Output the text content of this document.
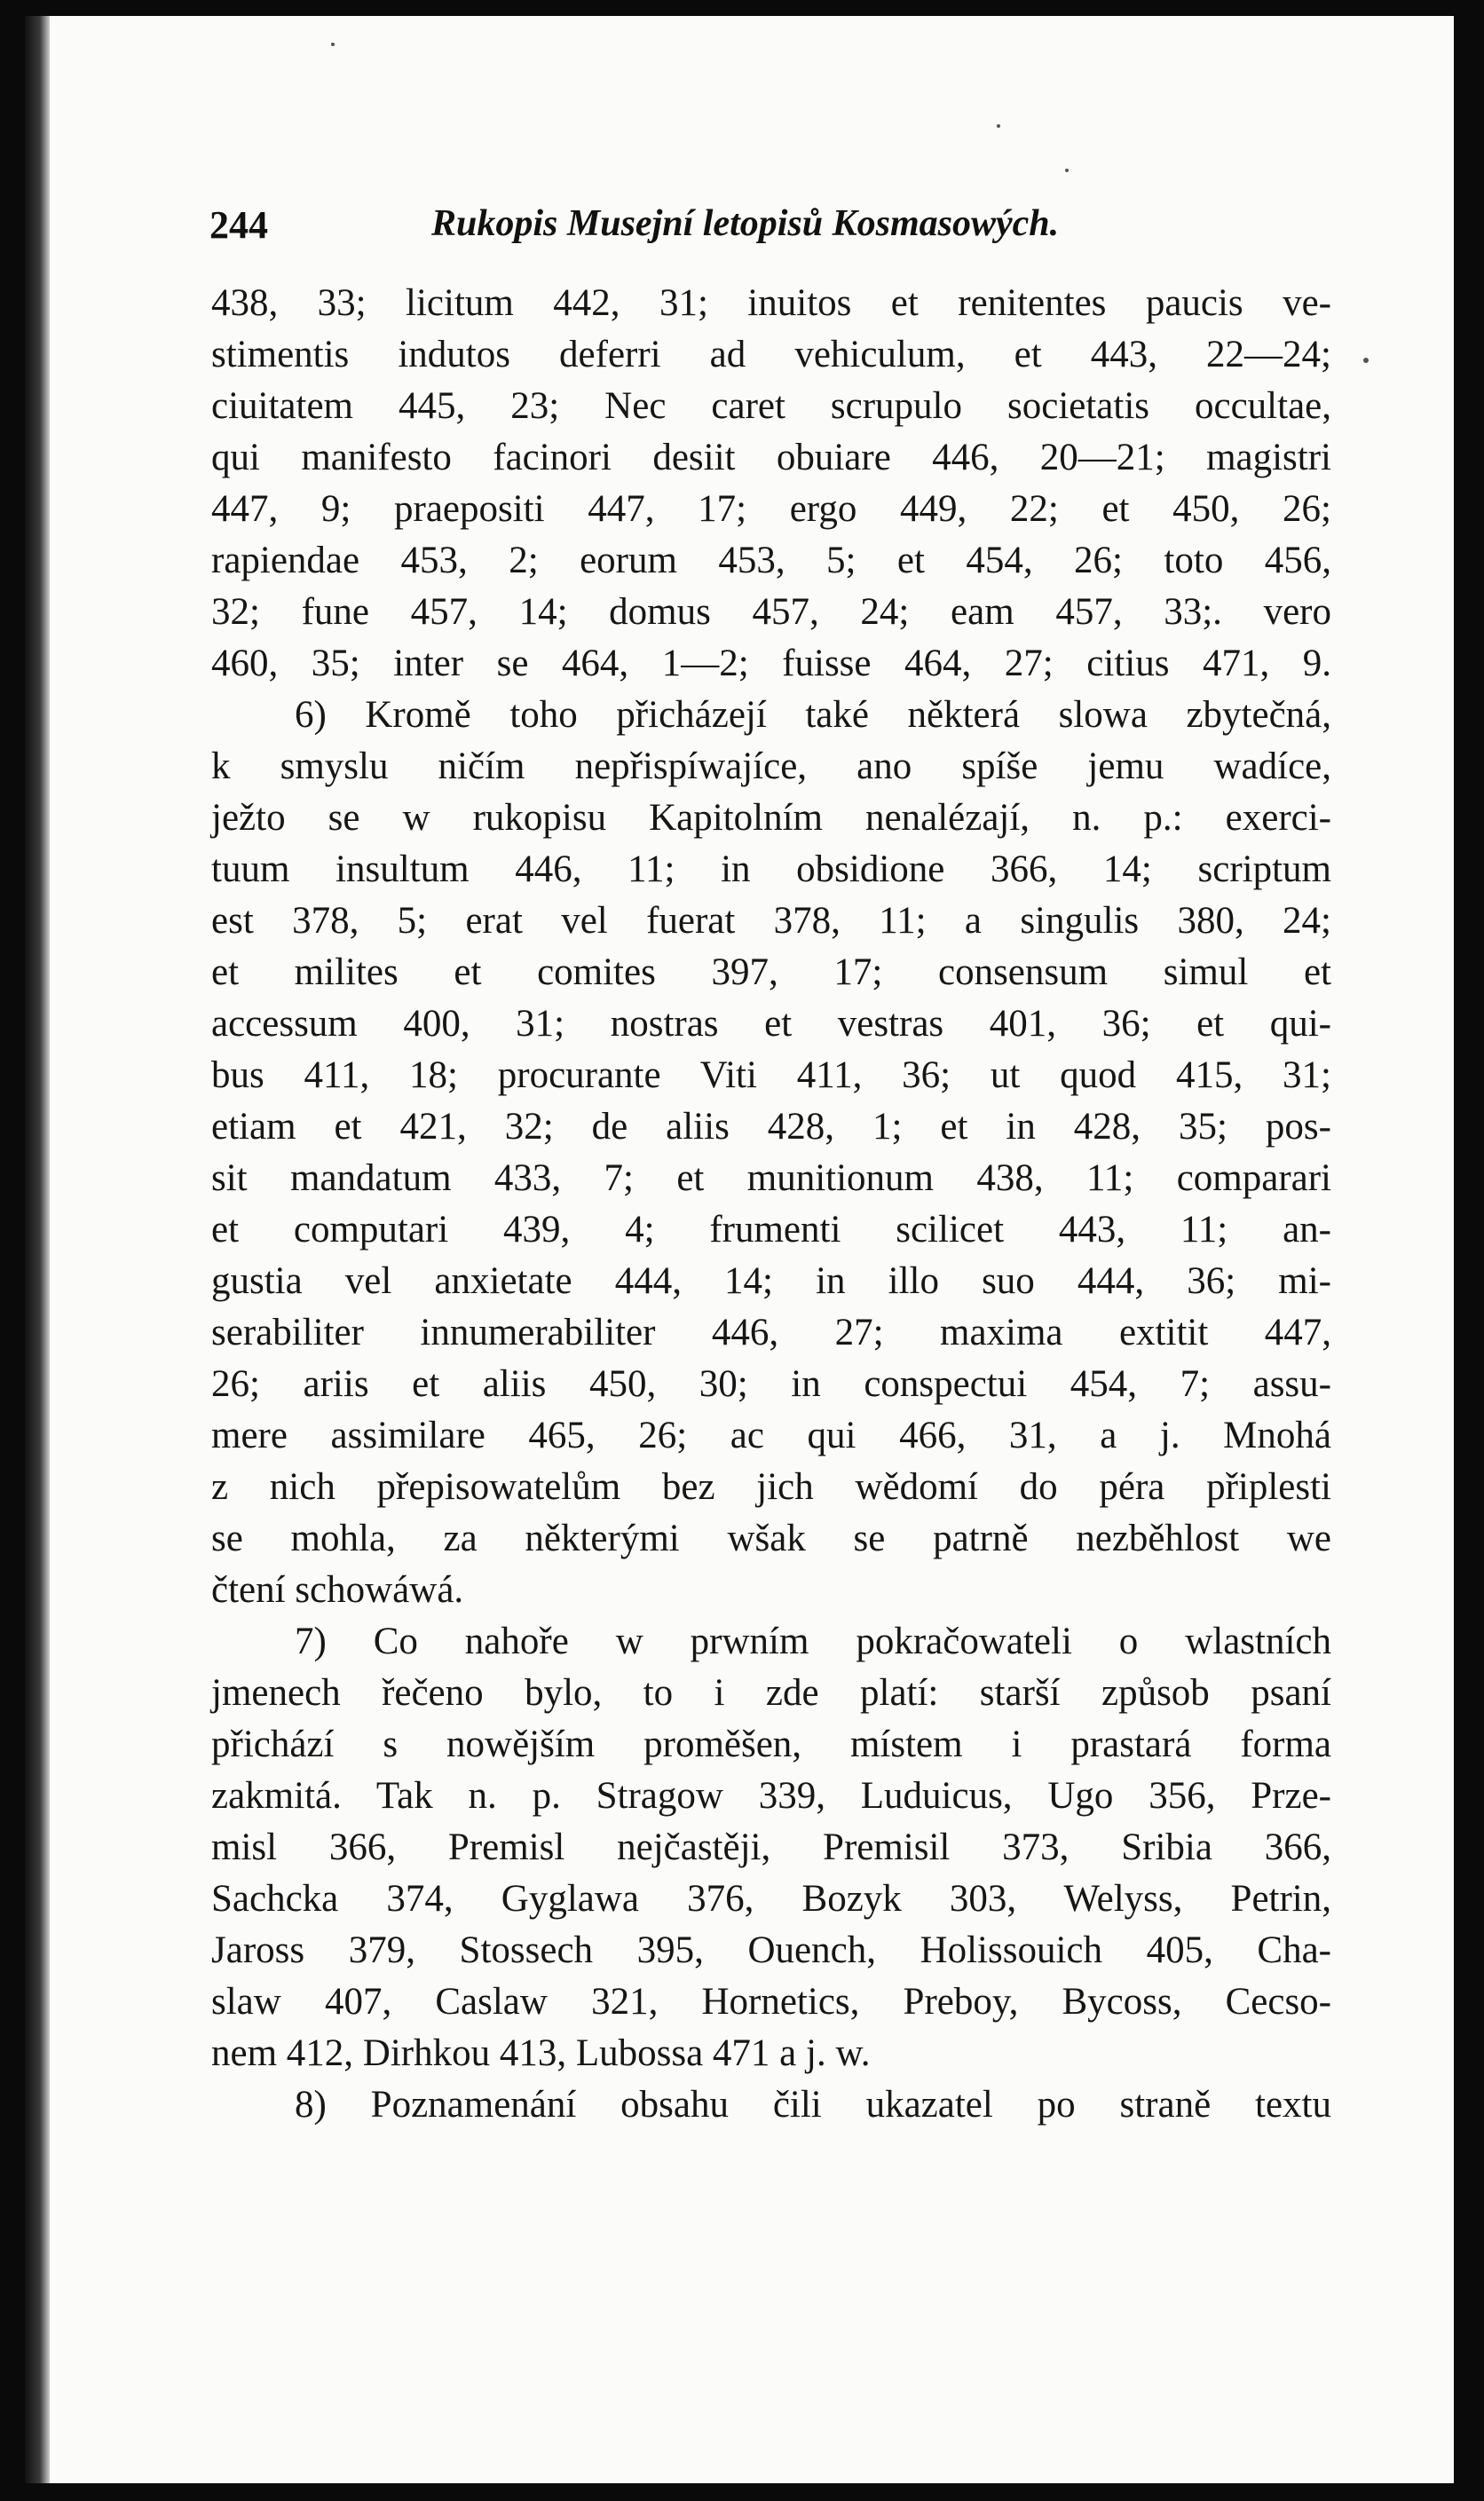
244	Rukopis Musejní letopisů Kosmasowých.
438, 33; licitum 442, 31; inuitos et renitentes paucis ve-
stimentis indutos deferri ad vehiculum, et 443, 22—24;
ciuitatem 445, 23; Nec caret scrupulo societatis occultae,
qui manifesto facinori desiit obuiare 446, 20—21; magistri
447, 9; praepositi 447, 17; ergo 449, 22; et 450, 26;
rapiendae 453, 2; eorum 453, 5; et 454, 26; toto 456,
32; fune 457, 14; domus 457, 24; eam 457, 33;. vero
460, 35; inter se 464, 1—2; fuisse 464, 27; citius 471, 9.
6) Kromě toho přicházejí také některá slowa zbytečná,
k smyslu ničím nepřispíwajíce, ano spíše jemu wadíce,
ježto se w rukopisu Kapitolním nenalézají, n. p.: exerci-
tuum insultum 446, 11; in obsidione 366, 14; scriptum
est 378, 5; erat vel fuerat 378, 11; a singulis 380, 24;
et milites et comites 397, 17; consensum simul et
accessum 400, 31; nostras et vestras 401, 36; et qui-
bus 411, 18; procurante Viti 411, 36; ut quod 415, 31;
etiam et 421, 32; de aliis 428, 1; et in 428, 35; pos-
sit mandatum 433, 7; et munitionum 438, 11; comparari
et computari 439, 4; frumenti scilicet 443, 11; an-
gustia vel anxietate 444, 14; in illo suo 444, 36; mi-
serabiliter innumerabiliter 446, 27; maxima extitit 447,
26; ariis et aliis 450, 30; in conspectui 454, 7; assu-
mere assimilare 465, 26; ac qui 466, 31, a j. Mnohá
z nich přepisowatelům bez jich wědomí do péra připlesti
se mohla, za některými wšak se patrně nezběhlost we
čtení schowáwá.
7) Co nahoře w prwním pokračowateli o wlastních
jmenech řečeno bylo, to i zde platí: starší způsob psaní
přichází s nowějším proměšen, místem i prastará forma
zakmitá. Tak n. p. Stragow 339, Luduicus, Ugo 356, Prze-
misl 366, Premisl nejčastěji, Premisil 373, Sribia 366,
Sachcka 374, Gyglawa 376, Bozyk 303, Welyss, Petrin,
Jaross 379, Stossech 395, Ouench, Holissouich 405, Cha-
slaw 407, Caslaw 321, Hornetics, Preboy, Bycoss, Cecso-
nem 412, Dirhkou 413, Lubossa 471 a j. w.
8) Poznamenání obsahu čili ukazatel po straně textu
